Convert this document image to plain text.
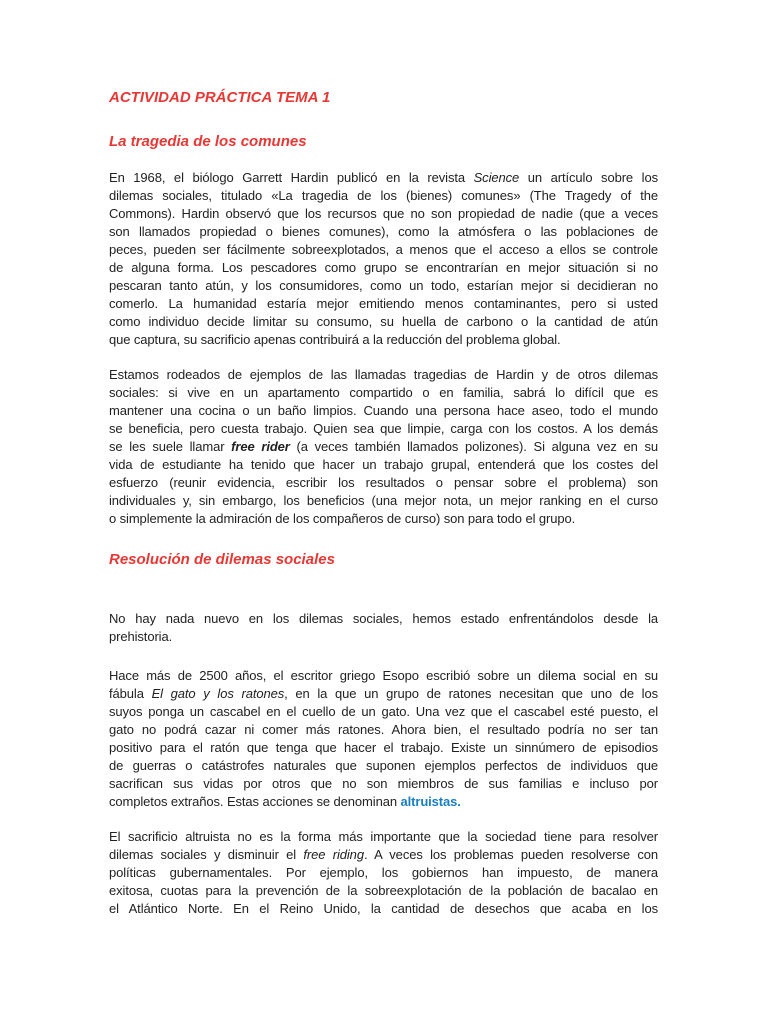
ACTIVIDAD PRÁCTICA TEMA 1
La tragedia de los comunes
En 1968, el biólogo Garrett Hardin publicó en la revista Science un artículo sobre los
dilemas sociales, titulado «La tragedia de los (bienes) comunes» (The Tragedy of the
Commons). Hardin observó que los recursos que no son propiedad de nadie (que a veces
son llamados propiedad o bienes comunes), como la atmósfera o las poblaciones de
peces, pueden ser fácilmente sobreexplotados, a menos que el acceso a ellos se controle
de alguna forma. Los pescadores como grupo se encontrarían en mejor situación si no
pescaran tanto atún, y los consumidores, como un todo, estarían mejor si decidieran no
comerlo. La humanidad estaría mejor emitiendo menos contaminantes, pero si usted
como individuo decide limitar su consumo, su huella de carbono o la cantidad de atún
que captura, su sacrificio apenas contribuirá a la reducción del problema global.
Estamos rodeados de ejemplos de las llamadas tragedias de Hardin y de otros dilemas
sociales: si vive en un apartamento compartido o en familia, sabrá lo difícil que es
mantener una cocina o un baño limpios. Cuando una persona hace aseo, todo el mundo
se beneficia, pero cuesta trabajo. Quien sea que limpie, carga con los costos. A los demás
se les suele llamar free rider (a veces también llamados polizones). Si alguna vez en su
vida de estudiante ha tenido que hacer un trabajo grupal, entenderá que los costes del
esfuerzo (reunir evidencia, escribir los resultados o pensar sobre el problema) son
individuales y, sin embargo, los beneficios (una mejor nota, un mejor ranking en el curso
o simplemente la admiración de los compañeros de curso) son para todo el grupo.
Resolución de dilemas sociales
No hay nada nuevo en los dilemas sociales, hemos estado enfrentándolos desde la
prehistoria.
Hace más de 2500 años, el escritor griego Esopo escribió sobre un dilema social en su
fábula El gato y los ratones, en la que un grupo de ratones necesitan que uno de los
suyos ponga un cascabel en el cuello de un gato. Una vez que el cascabel esté puesto, el
gato no podrá cazar ni comer más ratones. Ahora bien, el resultado podría no ser tan
positivo para el ratón que tenga que hacer el trabajo. Existe un sinnúmero de episodios
de guerras o catástrofes naturales que suponen ejemplos perfectos de individuos que
sacrifican sus vidas por otros que no son miembros de sus familias e incluso por
completos extraños. Estas acciones se denominan altruistas.
El sacrificio altruista no es la forma más importante que la sociedad tiene para resolver
dilemas sociales y disminuir el free riding. A veces los problemas pueden resolverse con
políticas gubernamentales. Por ejemplo, los gobiernos han impuesto, de manera
exitosa, cuotas para la prevención de la sobreexplotación de la población de bacalao en
el Atlántico Norte. En el Reino Unido, la cantidad de desechos que acaba en los
